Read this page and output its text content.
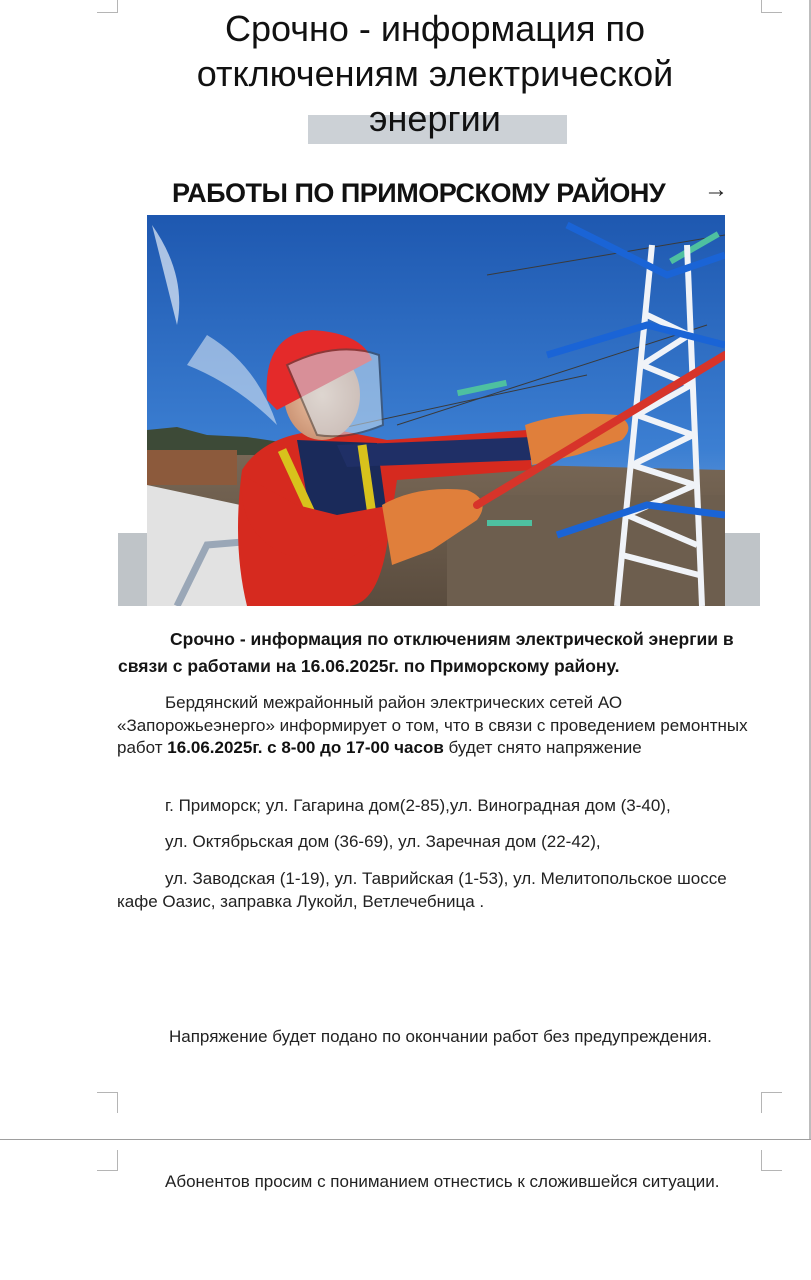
Срочно - информация по отключениям электрической энергии
РАБОТЫ ПО ПРИМОРСКОМУ РАЙОНУ →

Срочно - информация по отключениям электрической энергии в связи с работами на 16.06.2025г. по Приморскому району.

Бердянский межрайонный район электрических сетей АО «Запорожьеэнерго» информирует о том, что в связи с проведением ремонтных работ 16.06.2025г. с 8-00 до 17-00 часов будет снято напряжение

г. Приморск; ул. Гагарина дом(2-85),ул. Виноградная дом (3-40),

ул. Октябрьская дом (36-69), ул. Заречная дом (22-42),

ул. Заводская (1-19), ул. Таврийская (1-53), ул. Мелитопольское шоссе кафе Оазис, заправка Лукойл, Ветлечебница .

Напряжение будет подано по окончании работ без предупреждения.

Абонентов просим с пониманием отнестись к сложившейся ситуации.
